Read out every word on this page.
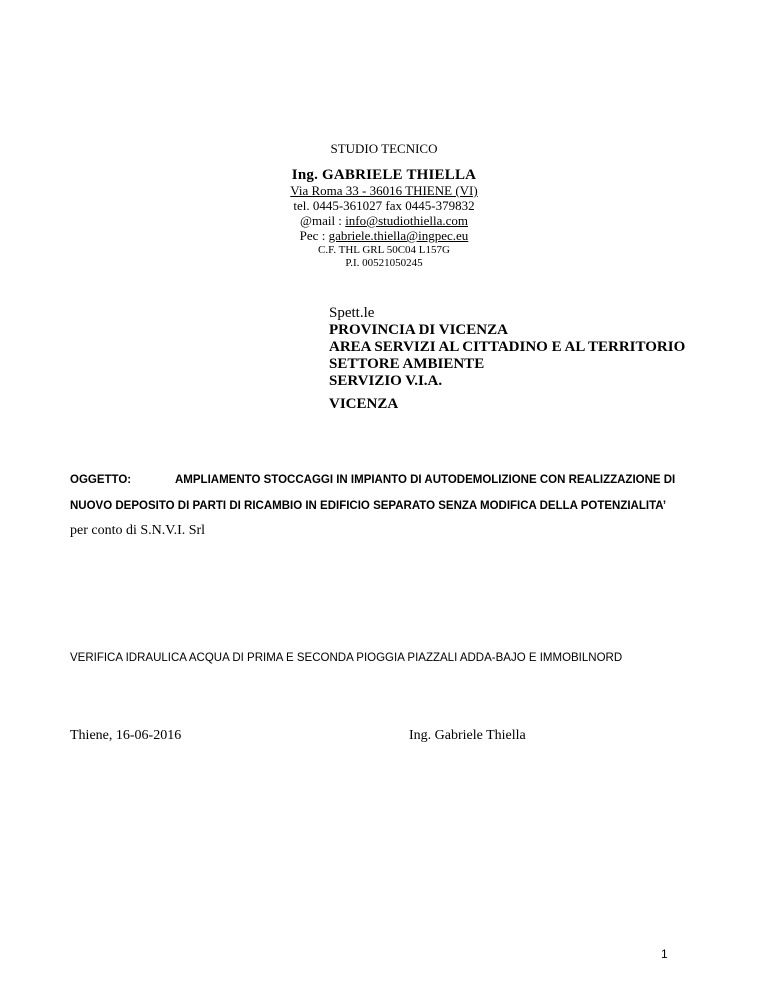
STUDIO TECNICO
Ing. GABRIELE THIELLA
Via Roma 33 - 36016 THIENE (VI)
tel. 0445-361027 fax 0445-379832
@mail : info@studiothiella.com
Pec : gabriele.thiella@ingpec.eu
C.F. THL GRL 50C04 L157G
P.I. 00521050245
Spett.le
PROVINCIA DI VICENZA
AREA SERVIZI AL CITTADINO E AL TERRITORIO
SETTORE AMBIENTE
SERVIZIO V.I.A.
VICENZA
OGGETTO:	AMPLIAMENTO STOCCAGGI IN IMPIANTO DI AUTODEMOLIZIONE CON REALIZZAZIONE DI
NUOVO DEPOSITO DI PARTI DI RICAMBIO IN EDIFICIO SEPARATO SENZA MODIFICA DELLA POTENZIALITA’
per conto di S.N.V.I. Srl
VERIFICA IDRAULICA ACQUA DI PRIMA E SECONDA PIOGGIA PIAZZALI ADDA-BAJO E IMMOBILNORD
Thiene, 16-06-2016	Ing. Gabriele Thiella
1
